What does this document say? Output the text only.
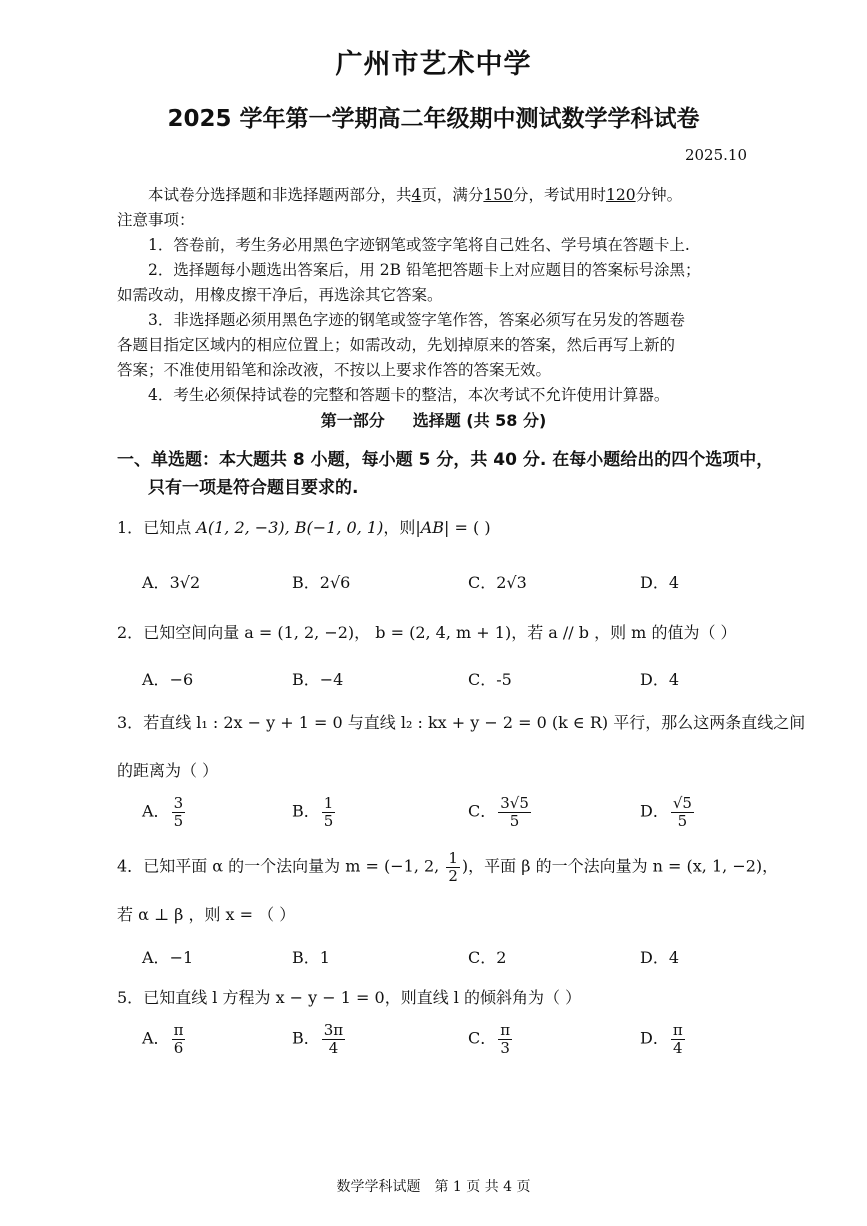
广州市艺术中学
2025 学年第一学期高二年级期中测试数学学科试卷
2025.10
本试卷分选择题和非选择题两部分，共4页，满分150分，考试用时120分钟。
注意事项：
1．答卷前，考生务必用黑色字迹钢笔或签字笔将自己姓名、学号填在答题卡上.
2．选择题每小题选出答案后，用 2B 铅笔把答题卡上对应题目的答案标号涂黑；
如需改动，用橡皮擦干净后，再选涂其它答案。
3．非选择题必须用黑色字迹的钢笔或签字笔作答，答案必须写在另发的答题卷
各题目指定区域内的相应位置上；如需改动，先划掉原来的答案，然后再写上新的
答案；不准使用铅笔和涂改液，不按以上要求作答的答案无效。
4．考生必须保持试卷的完整和答题卡的整洁，本次考试不允许使用计算器。
第一部分 选择题 (共 58 分)
一、单选题：本大题共 8 小题，每小题 5 分，共 40 分. 在每小题给出的四个选项中，
只有一项是符合题目要求的.
1．已知点 A(1, 2, −3), B(−1, 0, 1)，则|AB| = ( )
A．3√2	B．2√6	C．2√3	D．4
2．已知空间向量 a = (1, 2, −2)， b = (2, 4, m + 1)，若 a // b ，则 m 的值为（ ）
A．−6	B．−4	C．-5	D．4
3．若直线 l₁ : 2x − y + 1 = 0 与直线 l₂ : kx + y − 2 = 0 (k ∈ R) 平行，那么这两条直线之间
的距离为（ ）
A． $\frac{3}{5}$	B． $\frac{1}{5}$	C． $\frac{3√5}{5}$	D． $\frac{√5}{5}$
4．已知平面 α 的一个法向量为 m = (−1, 2, $\frac{1}{2}$ )，平面 β 的一个法向量为 n = (x, 1, −2)，
若 α ⊥ β ，则 x = （ ）
A．−1	B．1	C．2	D．4
5．已知直线 l 方程为 x − y − 1 = 0，则直线 l 的倾斜角为（ ）
A． $\frac{\pi}{6}$	B． $\frac{3\pi}{4}$	C． $\frac{\pi}{3}$	D． $\frac{\pi}{4}$
数学学科试题　第 1 页 共 4 页
